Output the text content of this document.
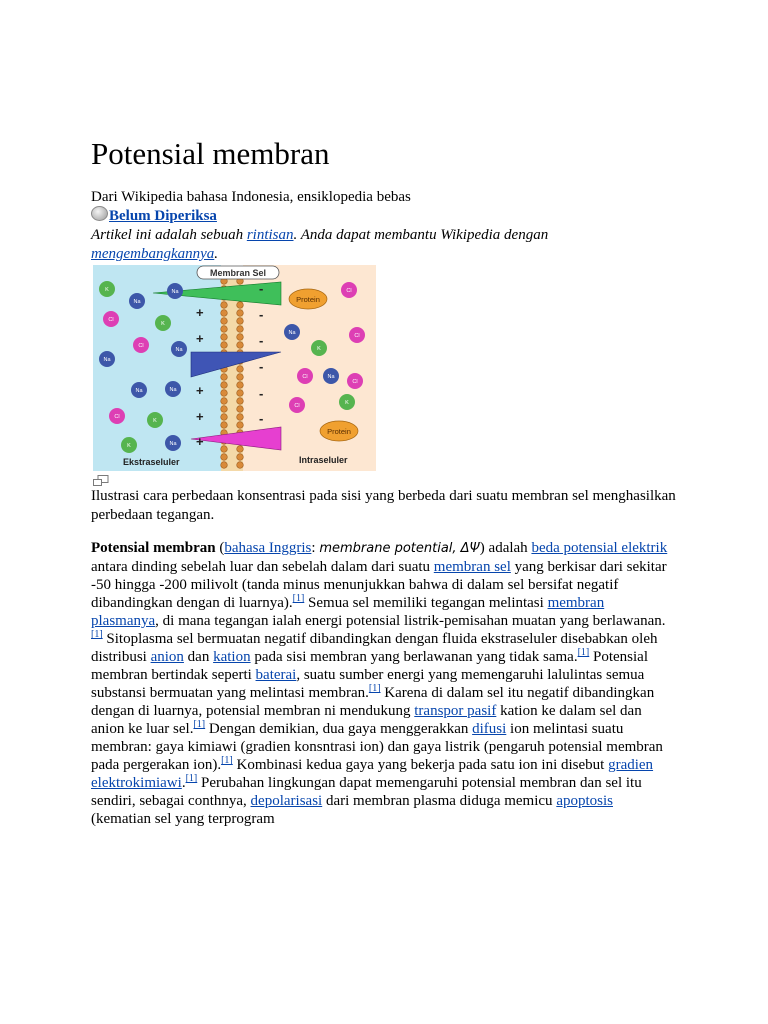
Potensial membran
Dari Wikipedia bahasa Indonesia, ensiklopedia bebas
Belum Diperiksa
Artikel ini adalah sebuah rintisan. Anda dapat membantu Wikipedia dengan mengembangkannya.
Membran Sel
+
+
+
+
+
-
-
-
-
-
-
Protein
Protein
K
Na
Na
Cl
K
Na
Na
Cl
Na	Na
Cl
K
K	Na
Cl
Na
K
Cl
Cl	Na
Cl
Cl	K
Ekstraseluler	Intraseluler
Ilustrasi cara perbedaan konsentrasi pada sisi yang berbeda dari suatu membran sel menghasilkan perbedaan tegangan.
Potensial membran (bahasa Inggris: membrane potential, ΔΨ) adalah beda potensial elektrik antara dinding sebelah luar dan sebelah dalam dari suatu membran sel yang berkisar dari sekitar -50 hingga -200 milivolt (tanda minus menunjukkan bahwa di dalam sel bersifat negatif dibandingkan dengan di luarnya).[1] Semua sel memiliki tegangan melintasi membran plasmanya, di mana tegangan ialah energi potensial listrik-pemisahan muatan yang berlawanan.[1] Sitoplasma sel bermuatan negatif dibandingkan dengan fluida ekstraseluler disebabkan oleh distribusi anion dan kation pada sisi membran yang berlawanan yang tidak sama.[1] Potensial membran bertindak seperti baterai, suatu sumber energi yang memengaruhi lalulintas semua substansi bermuatan yang melintasi membran.[1] Karena di dalam sel itu negatif dibandingkan dengan di luarnya, potensial membran ni mendukung transpor pasif kation ke dalam sel dan anion ke luar sel.[1] Dengan demikian, dua gaya menggerakkan difusi ion melintasi suatu membran: gaya kimiawi (gradien konsntrasi ion) dan gaya listrik (pengaruh potensial membran pada pergerakan ion).[1] Kombinasi kedua gaya yang bekerja pada satu ion ini disebut gradien elektrokimiawi.[1] Perubahan lingkungan dapat memengaruhi potensial membran dan sel itu sendiri, sebagai conthnya, depolarisasi dari membran plasma diduga memicu apoptosis (kematian sel yang terprogram
